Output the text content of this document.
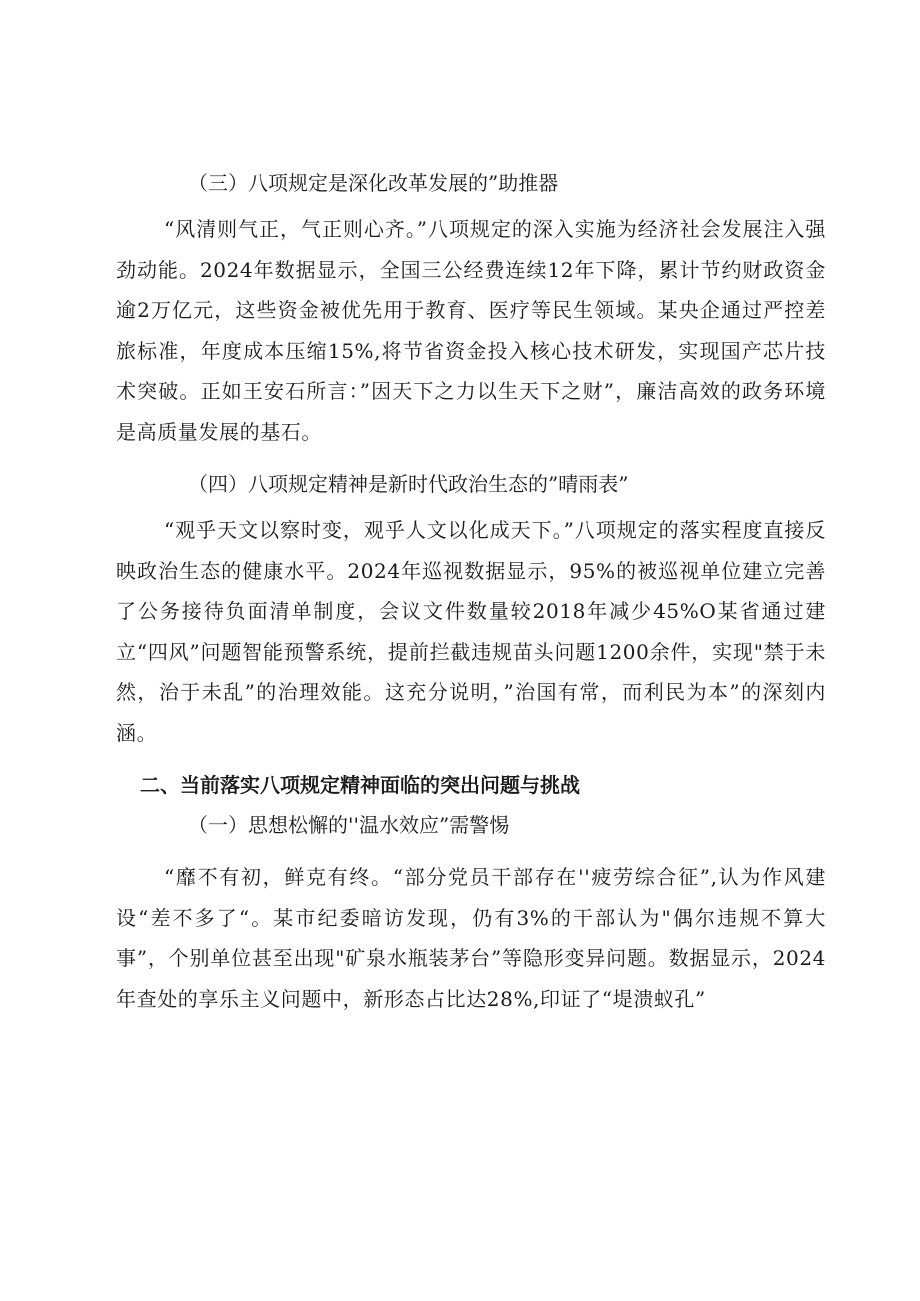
（三）八项规定是深化改革发展的”助推器

“风清则气正，气正则心齐。”八项规定的深入实施为经济社会发展注入强劲动能。2024年数据显示，全国三公经费连续12年下降，累计节约财政资金逾2万亿元，这些资金被优先用于教育、医疗等民生领域。某央企通过严控差旅标准，年度成本压缩15%,将节省资金投入核心技术研发，实现国产芯片技术突破。正如王安石所言：”因天下之力以生天下之财”，廉洁高效的政务环境是高质量发展的基石。

（四）八项规定精神是新时代政治生态的”晴雨表”

“观乎天文以察时变，观乎人文以化成天下。”八项规定的落实程度直接反映政治生态的健康水平。2024年巡视数据显示，95%的被巡视单位建立完善了公务接待负面清单制度，会议文件数量较2018年减少45%O某省通过建立“四风”问题智能预警系统，提前拦截违规苗头问题1200余件，实现"禁于未然，治于未乱”的治理效能。这充分说明，”治国有常，而利民为本”的深刻内涵。

二、当前落实八项规定精神面临的突出问题与挑战

（一）思想松懈的''温水效应”需警惕

“靡不有初，鲜克有终。“部分党员干部存在''疲劳综合征”,认为作风建设“差不多了“。某市纪委暗访发现，仍有3%的干部认为"偶尔违规不算大事”，个别单位甚至出现"矿泉水瓶装茅台”等隐形变异问题。数据显示，2024年查处的享乐主义问题中，新形态占比达28%,印证了“堤溃蚁孔”
